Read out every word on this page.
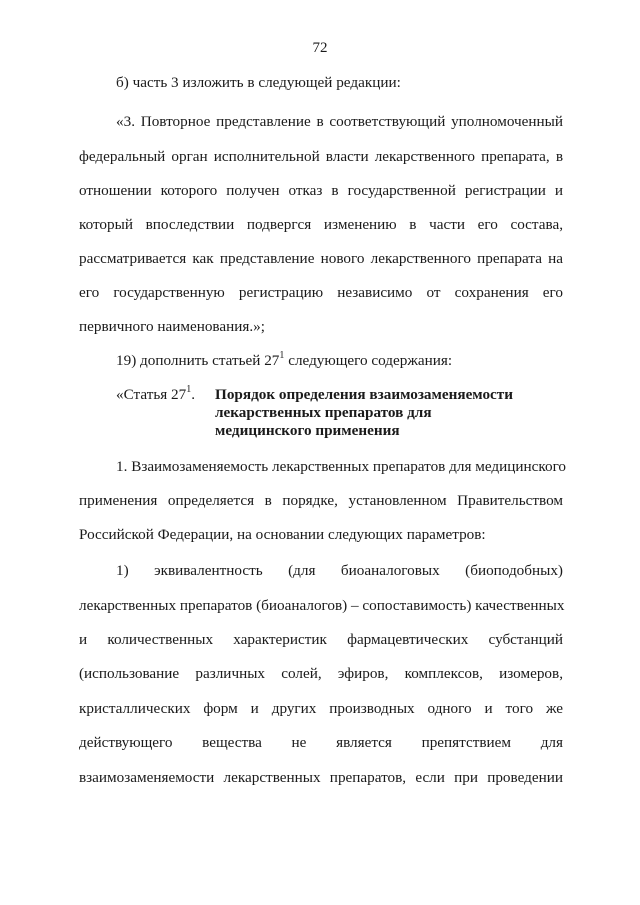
72
б) часть 3 изложить в следующей редакции:
«3. Повторное представление в соответствующий уполномоченный
федеральный орган исполнительной власти лекарственного препарата, в
отношении которого получен отказ в государственной регистрации и
который впоследствии подвергся изменению в части его состава,
рассматривается как представление нового лекарственного препарата на
его государственную регистрацию независимо от сохранения его
первичного наименования.»;
19) дополнить статьей $27^1$ следующего содержания:
«Статья $27^1$. Порядок определения взаимозаменяемости
лекарственных препаратов для
медицинского применения
1. Взаимозаменяемость лекарственных препаратов для медицинского
применения определяется в порядке, установленном Правительством
Российской Федерации, на основании следующих параметров:
1) эквивалентность (для биоаналоговых (биоподобных)
лекарственных препаратов (биоаналогов) – сопоставимость) качественных
и количественных характеристик фармацевтических субстанций
(использование различных солей, эфиров, комплексов, изомеров,
кристаллических форм и других производных одного и того же
действующего вещества не является препятствием для
взаимозаменяемости лекарственных препаратов, если при проведении
